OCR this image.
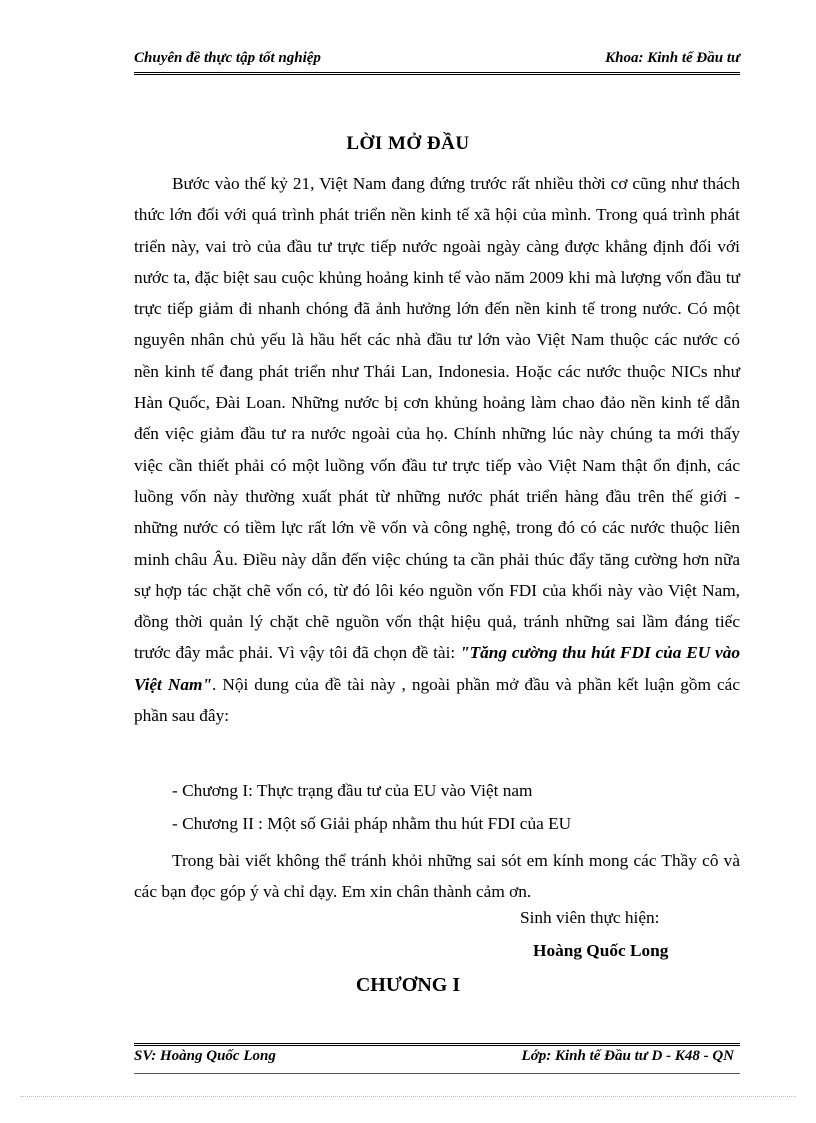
Chuyên đề thực tập tốt nghiệp	Khoa: Kinh tế Đầu tư
LỜI MỞ ĐẦU

Bước vào thế kỷ 21, Việt Nam đang đứng trước rất nhiều thời cơ cũng như thách thức lớn đối với quá trình phát triển nền kinh tế xã hội của mình. Trong quá trình phát triển này, vai trò của đầu tư trực tiếp nước ngoài ngày càng được khẳng định đối với nước ta, đặc biệt sau cuộc khủng hoảng kinh tế vào năm 2009 khi mà lượng vốn đầu tư trực tiếp giảm đi nhanh chóng đã ảnh hưởng lớn đến nền kinh tế trong nước. Có một nguyên nhân chủ yếu là hầu hết các nhà đầu tư lớn vào Việt Nam thuộc các nước có nền kinh tế đang phát triển như Thái Lan, Indonesia. Hoặc các nước thuộc NICs như Hàn Quốc, Đài Loan. Những nước bị cơn khủng hoảng làm chao đảo nền kinh tế dẫn đến việc giảm đầu tư ra nước ngoài của họ. Chính những lúc này chúng ta mới thấy việc cần thiết phải có một luồng vốn đầu tư trực tiếp vào Việt Nam thật ổn định, các luồng vốn này thường xuất phát từ những nước phát triển hàng đầu trên thế giới - những nước có tiềm lực rất lớn về vốn và công nghệ, trong đó có các nước thuộc liên minh châu Âu. Điều này dẫn đến việc chúng ta cần phải thúc đẩy tăng cường hơn nữa sự hợp tác chặt chẽ vốn có, từ đó lôi kéo nguồn vốn FDI của khối này vào Việt Nam, đồng thời quản lý chặt chẽ nguồn vốn thật hiệu quả, tránh những sai lầm đáng tiếc trước đây mắc phải. Vì vậy tôi đã chọn đề tài: "Tăng cường thu hút FDI của EU vào Việt Nam". Nội dung của đề tài này , ngoài phần mở đầu và phần kết luận gồm các phần sau đây:

- Chương I: Thực trạng đầu tư của EU vào Việt nam
- Chương II : Một số Giải pháp nhằm thu hút FDI của EU
Trong bài viết không thể tránh khỏi những sai sót em kính mong các Thầy cô và các bạn đọc góp ý và chỉ dạy. Em xin chân thành cảm ơn.
Sinh viên thực hiện:
Hoàng Quốc Long
CHƯƠNG I
SV: Hoàng Quốc Long	Lớp: Kinh tế Đầu tư D - K48 - QN
